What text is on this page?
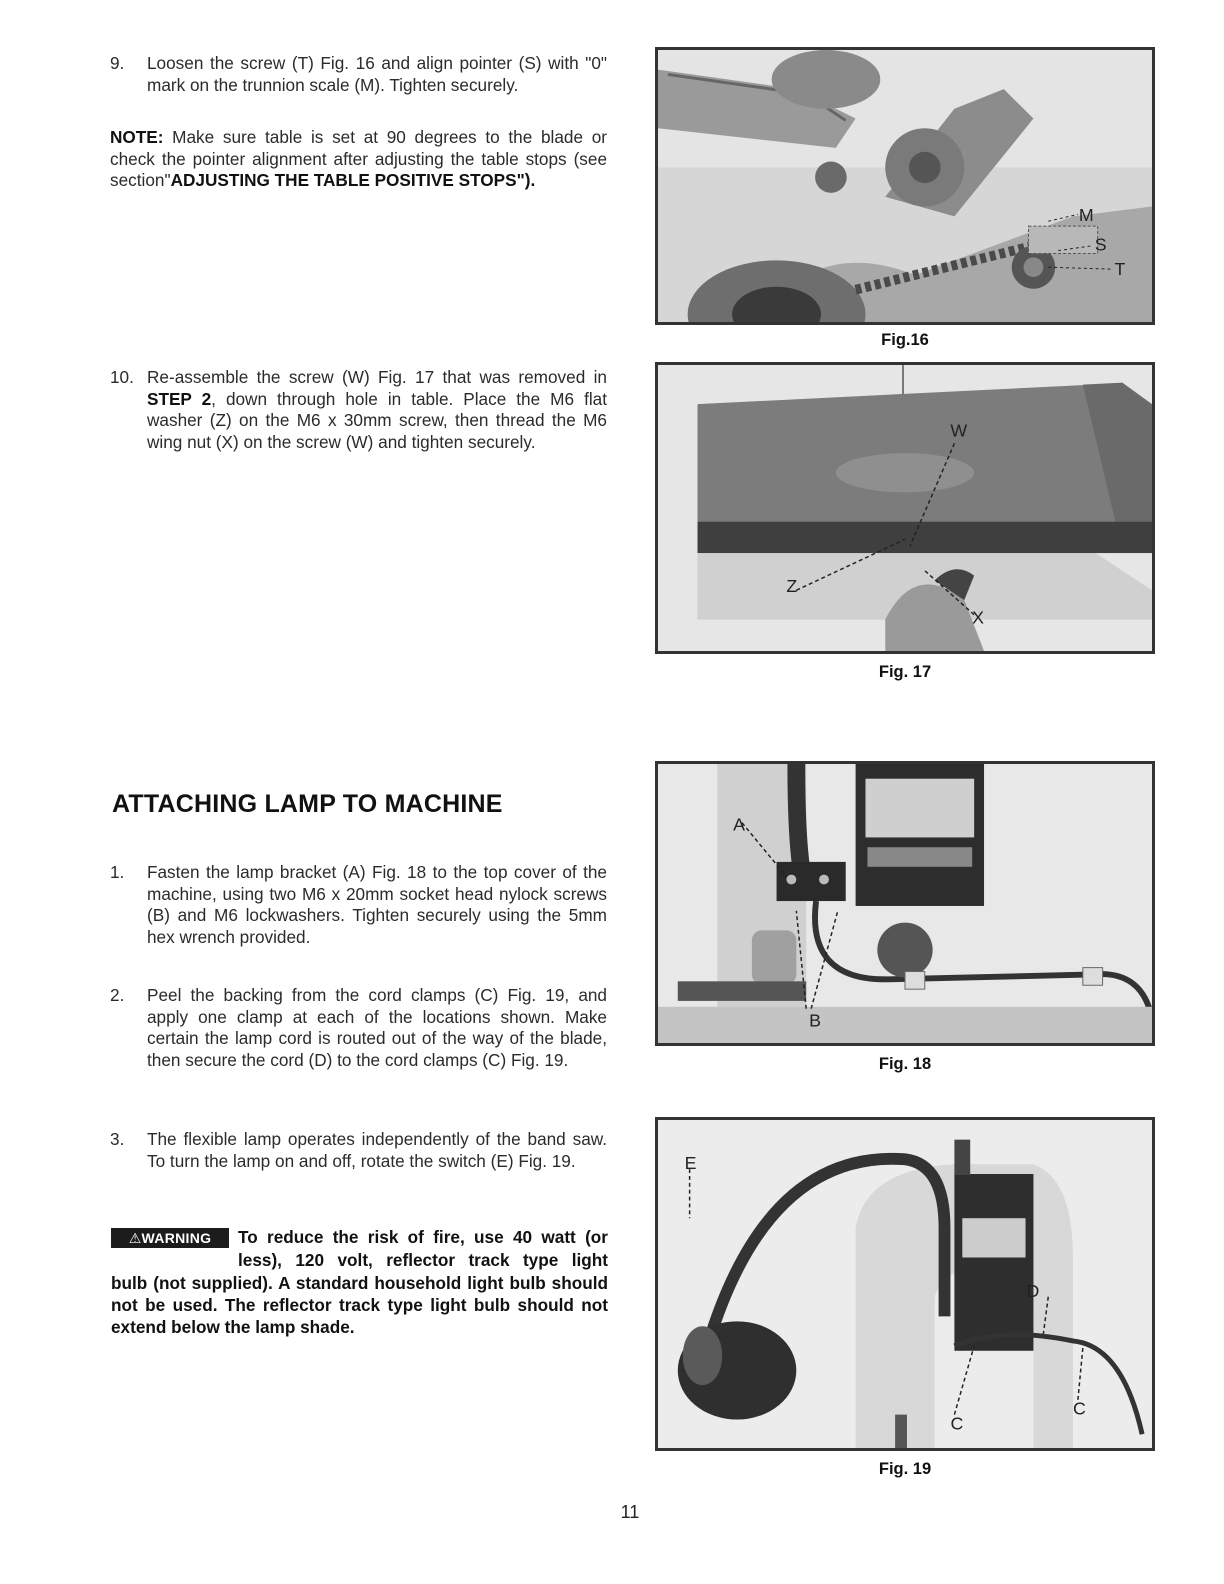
9. Loosen the screw (T) Fig. 16 and align pointer (S) with "0" mark on the trunnion scale (M). Tighten securely.
NOTE: Make sure table is set at 90 degrees to the blade or check the pointer alignment after adjusting the table stops (see section"ADJUSTING THE TABLE POSITIVE STOPS").
10. Re-assemble the screw (W) Fig. 17 that was removed in STEP 2, down through hole in table. Place the M6 flat washer (Z) on the M6 x 30mm screw, then thread the M6 wing nut (X) on the screw (W) and tighten securely.
ATTACHING LAMP TO MACHINE
1. Fasten the lamp bracket (A) Fig. 18 to the top cover of the machine, using two M6 x 20mm socket head nylock screws (B) and M6 lockwashers. Tighten securely using the 5mm hex wrench provided.
2. Peel the backing from the cord clamps (C) Fig. 19, and apply one clamp at each of the locations shown. Make certain the lamp cord is routed out of the way of the blade, then secure the cord (D) to the cord clamps (C) Fig. 19.
3. The flexible lamp operates independently of the band saw. To turn the lamp on and off, rotate the switch (E) Fig. 19.
⚠WARNING	To reduce the risk of fire, use 40 watt (or
less), 120 volt, reflector track type light
bulb (not supplied). A standard household light bulb should not be used. The reflector track type light bulb should not extend below the lamp shade.
M
S
T
Fig.16
W
Z
X
Fig. 17
A
B
Fig. 18
E
D
C
C
Fig. 19
11
